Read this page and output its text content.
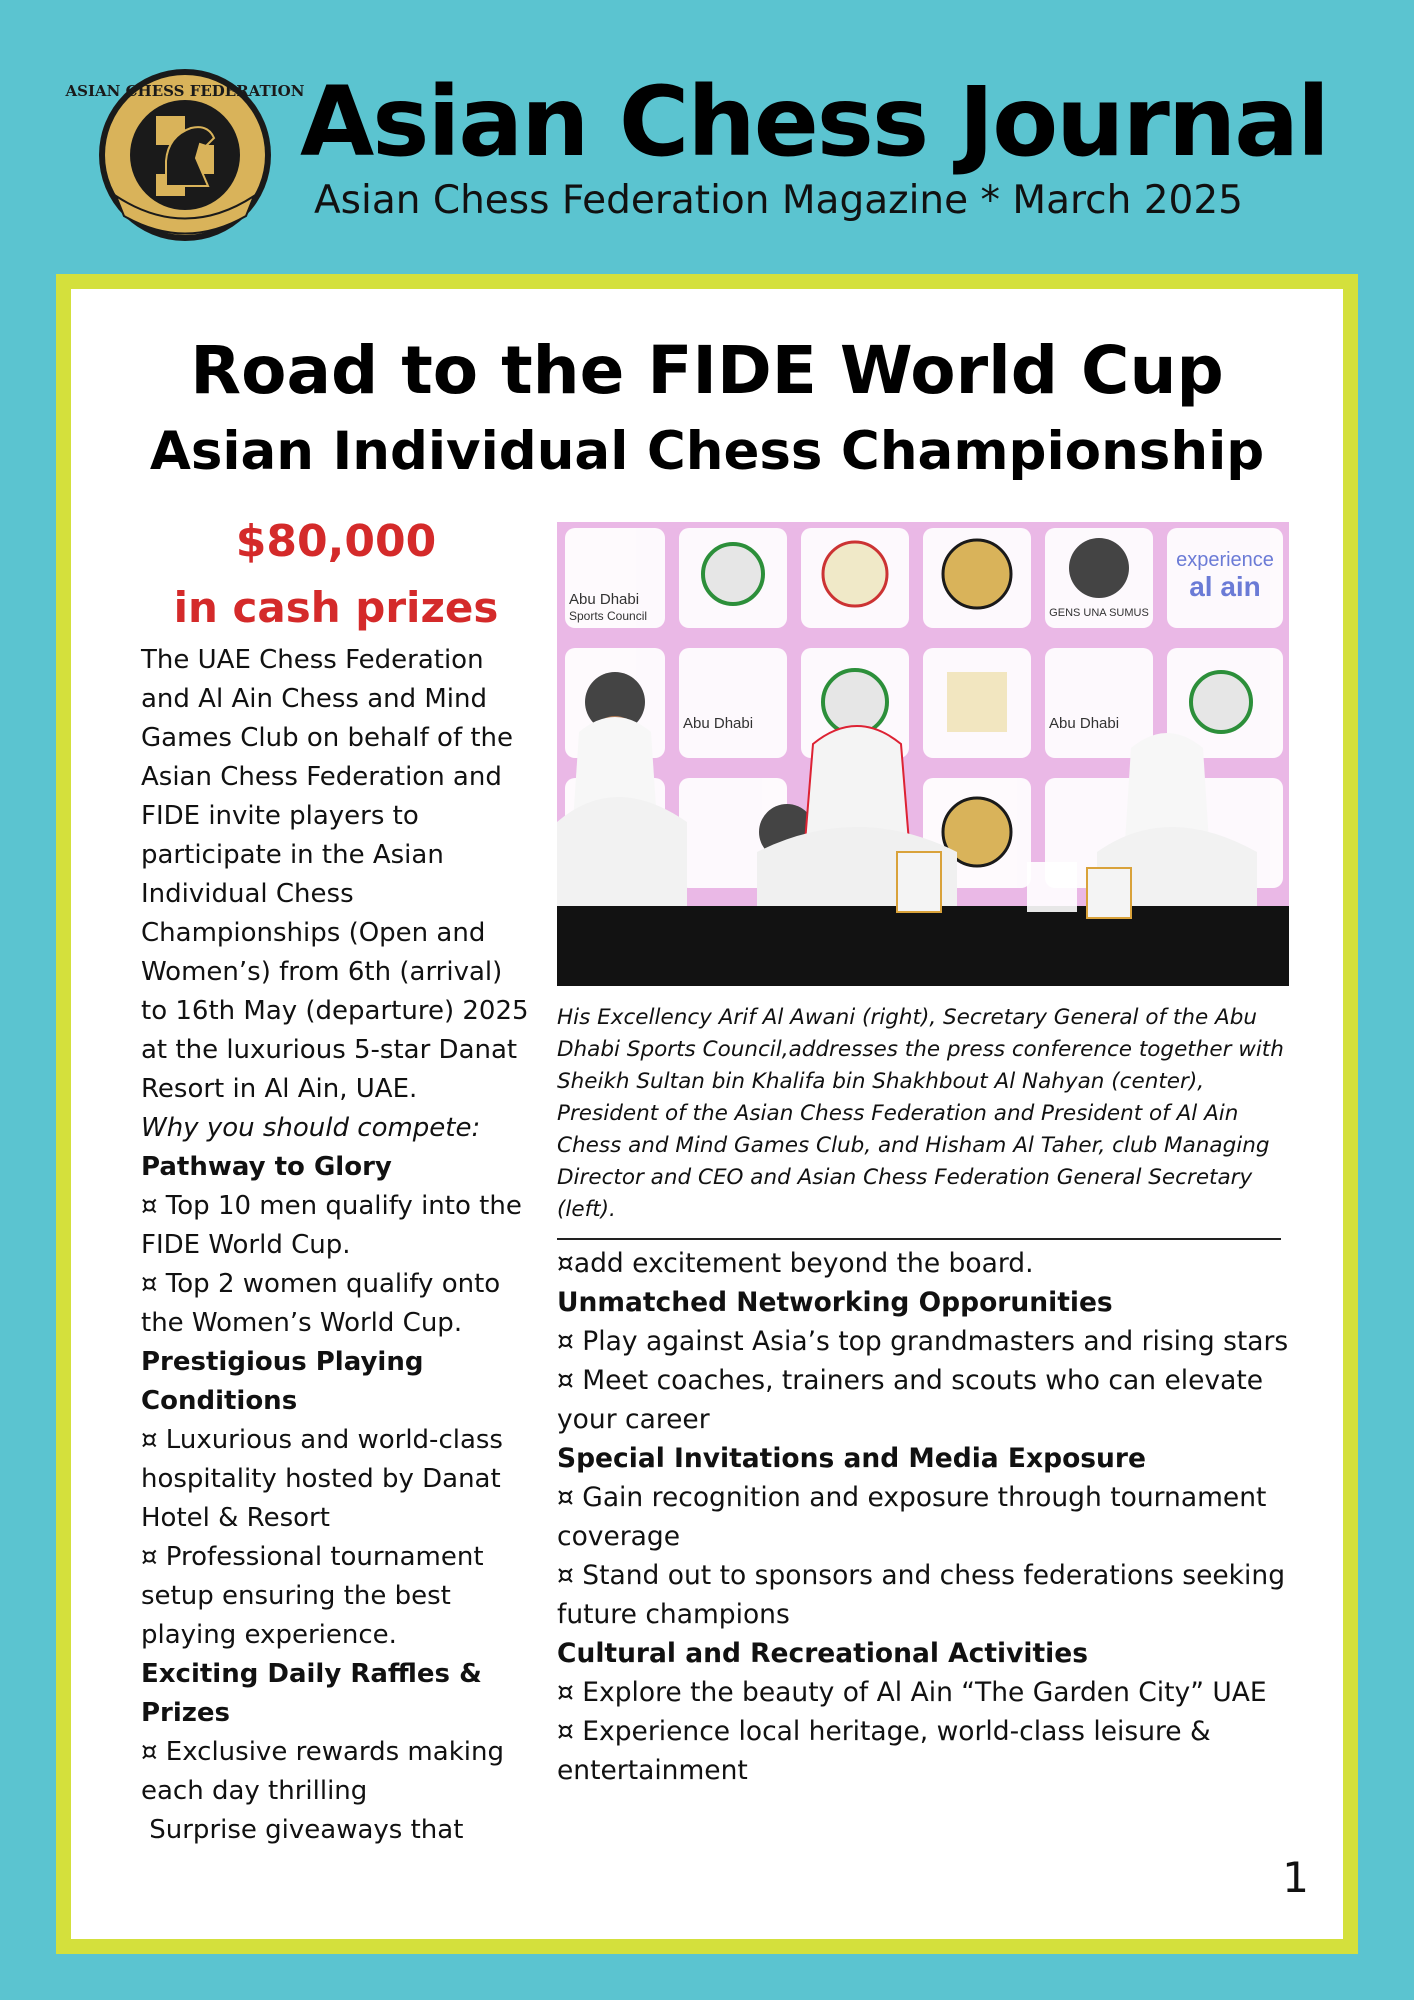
ASIAN CHESS FEDERATION
Asian Chess Journal
Asian Chess Federation Magazine * March 2025
Road to the FIDE World Cup
Asian Individual Chess Championship
$80,000
in cash prizes

The UAE Chess Federation and Al Ain Chess and Mind Games Club on behalf of the Asian Chess Federation and FIDE invite players to participate in the Asian Individual Chess Championships (Open and Women’s) from 6th (arrival) to 16th May (departure) 2025 at the luxurious 5-star Danat Resort in Al Ain, UAE.

Why you should compete:

Pathway to Glory

¤ Top 10 men qualify into the FIDE World Cup.

¤ Top 2 women qualify onto the Women’s World Cup.

Prestigious Playing Conditions

¤ Luxurious and world-class hospitality hosted by Danat Hotel & Resort

¤ Professional tournament setup ensuring the best playing experience.

Exciting Daily Raffles & Prizes

¤ Exclusive rewards making each day thrilling

Surprise giveaways that

Abu Dhabi
Sports Council	GENS UNA SUMUS
experience
al ain
Abu Dhabi	Abu Dhabi

His Excellency Arif Al Awani (right), Secretary General of the Abu Dhabi Sports Council,addresses the press conference together with Sheikh Sultan bin Khalifa bin Shakhbout Al Nahyan (center), President of the Asian Chess Federation and President of Al Ain Chess and Mind Games Club, and Hisham Al Taher, club Managing Director and CEO and Asian Chess Federation General Secretary (left).

¤add excitement beyond the board.

Unmatched Networking Opporunities

¤ Play against Asia’s top grandmasters and rising stars

¤ Meet coaches, trainers and scouts who can elevate your career

Special Invitations and Media Exposure

¤ Gain recognition and exposure through tournament coverage

¤ Stand out to sponsors and chess federations seeking future champions

Cultural and Recreational Activities

¤ Explore the beauty of Al Ain “The Garden City” UAE

¤ Experience local heritage, world-class leisure & entertainment

1
